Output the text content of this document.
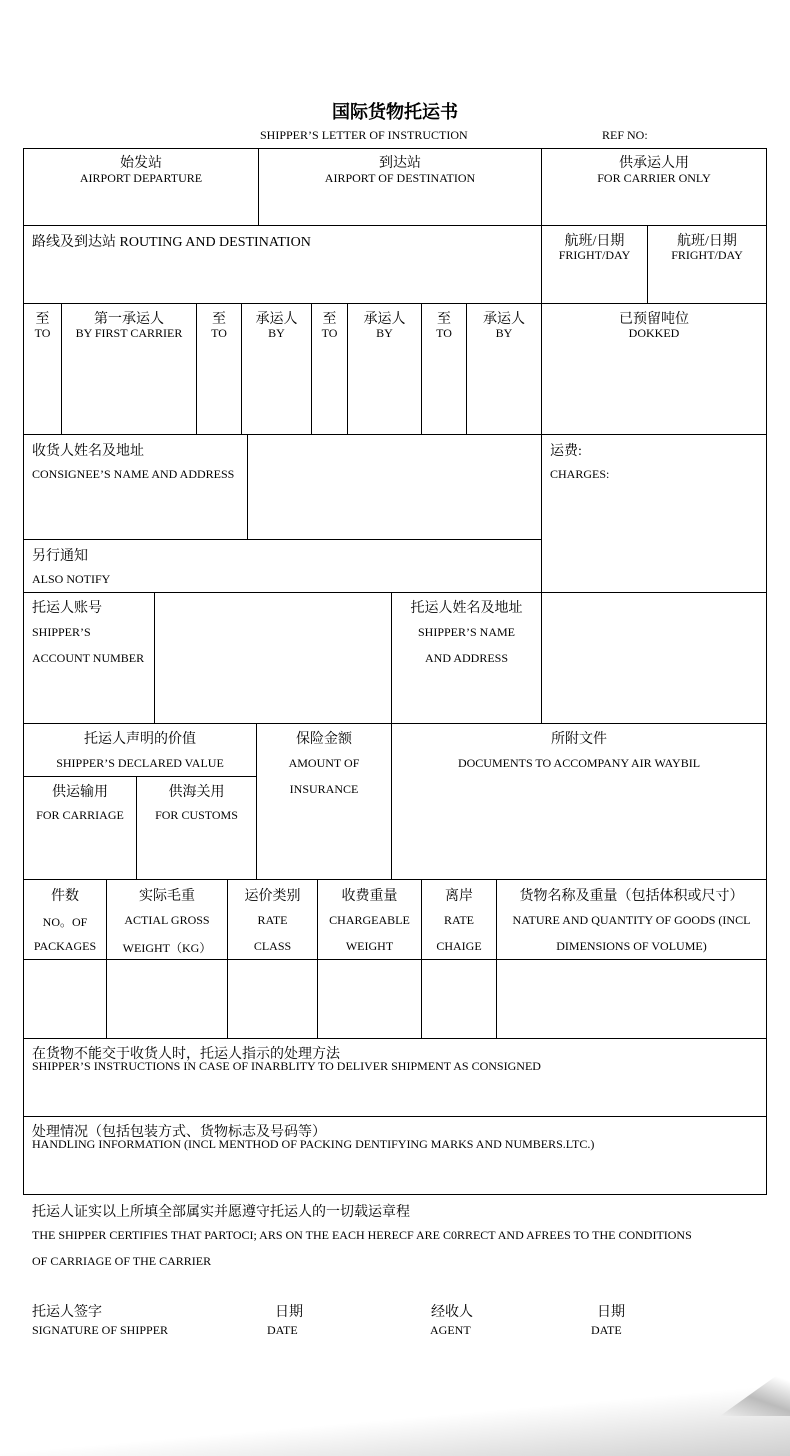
国际货物托运书
SHIPPER’S LETTER OF INSTRUCTION	REF NO:
始发站
AIRPORT DEPARTURE
到达站
AIRPORT OF DESTINATION
供承运人用
FOR CARRIER ONLY
路线及到达站 ROUTING AND DESTINATION	航班/日期
FRIGHT/DAY
航班/日期
FRIGHT/DAY
至
TO
第一承运人
BY FIRST CARRIER
至
TO
承运人
BY
至
TO
承运人
BY
至
TO
承运人
BY
已预留吨位
DOKKED
收货人姓名及地址
CONSIGNEE’S NAME AND ADDRESS
运费:
CHARGES:
另行通知
ALSO NOTIFY
托运人账号
SHIPPER’S
ACCOUNT NUMBER
托运人姓名及地址
SHIPPER’S NAME
AND ADDRESS
托运人声明的价值
SHIPPER’S DECLARED VALUE
供运输用
FOR CARRIAGE
供海关用
FOR CUSTOMS
保险金额
AMOUNT OF
INSURANCE
所附文件
DOCUMENTS TO ACCOMPANY AIR WAYBIL
件数
NO。OF
PACKAGES
实际毛重
ACTIAL GROSS
WEIGHT（KG）
运价类别
RATE
CLASS
收费重量
CHARGEABLE
WEIGHT
离岸
RATE
CHAIGE
货物名称及重量（包括体积或尺寸）
NATURE AND QUANTITY OF GOODS (INCL
DIMENSIONS OF VOLUME)
在货物不能交于收货人时，托运人指示的处理方法
SHIPPER’S INSTRUCTIONS IN CASE OF INARBLITY TO DELIVER SHIPMENT AS CONSIGNED
处理情况（包括包装方式、货物标志及号码等）
HANDLING INFORMATION (INCL MENTHOD OF PACKING DENTIFYING MARKS AND NUMBERS.LTC.)
托运人证实以上所填全部属实并愿遵守托运人的一切载运章程
THE SHIPPER CERTIFIES THAT PARTOCI; ARS ON THE EACH HERECF ARE C0RRECT AND AFREES TO THE CONDITIONS
OF CARRIAGE OF THE CARRIER
托运人签字
SIGNATURE OF SHIPPER
日期
DATE
经收人
AGENT
日期
DATE
